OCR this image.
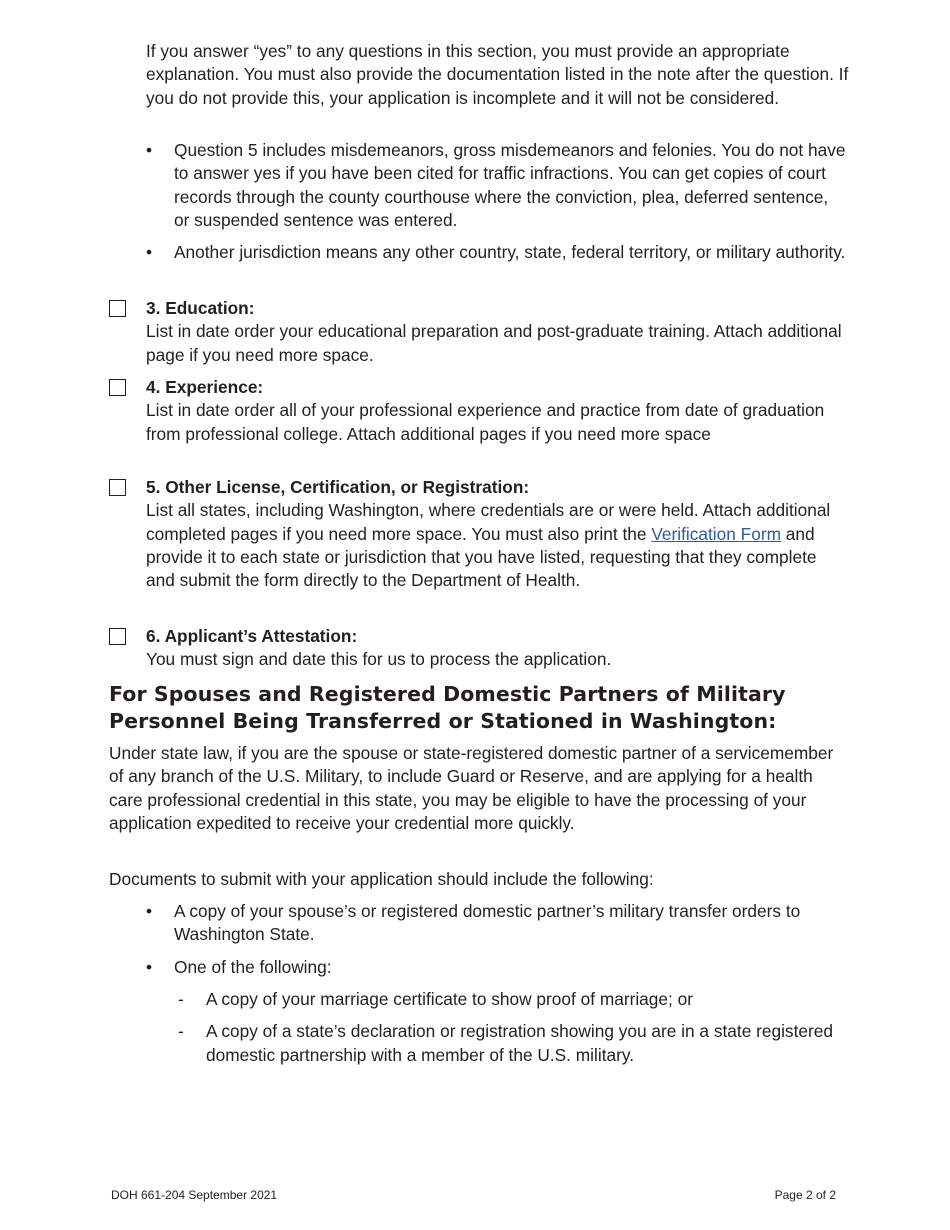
If you answer “yes” to any questions in this section, you must provide an appropriate explanation. You must also provide the documentation listed in the note after the question. If you do not provide this, your application is incomplete and it will not be considered.

• Question 5 includes misdemeanors, gross misdemeanors and felonies. You do not have to answer yes if you have been cited for traffic infractions. You can get copies of court records through the county courthouse where the conviction, plea, deferred sentence, or suspended sentence was entered.
• Another jurisdiction means any other country, state, federal territory, or military authority.
3. Education:
List in date order your educational preparation and post-graduate training. Attach additional page if you need more space.
4. Experience:
List in date order all of your professional experience and practice from date of graduation from professional college. Attach additional pages if you need more space
5. Other License, Certification, or Registration:
List all states, including Washington, where credentials are or were held. Attach additional completed pages if you need more space. You must also print the Verification Form and provide it to each state or jurisdiction that you have listed, requesting that they complete and submit the form directly to the Department of Health.
6. Applicant’s Attestation:
You must sign and date this for us to process the application.
For Spouses and Registered Domestic Partners of Military Personnel Being Transferred or Stationed in Washington:

Under state law, if you are the spouse or state-registered domestic partner of a servicemember of any branch of the U.S. Military, to include Guard or Reserve, and are applying for a health care professional credential in this state, you may be eligible to have the processing of your application expedited to receive your credential more quickly.

Documents to submit with your application should include the following:

• A copy of your spouse’s or registered domestic partner’s military transfer orders to Washington State.
• One of the following:
- A copy of your marriage certificate to show proof of marriage; or
- A copy of a state’s declaration or registration showing you are in a state registered domestic partnership with a member of the U.S. military.
DOH 661-204 September 2021	Page 2 of 2
